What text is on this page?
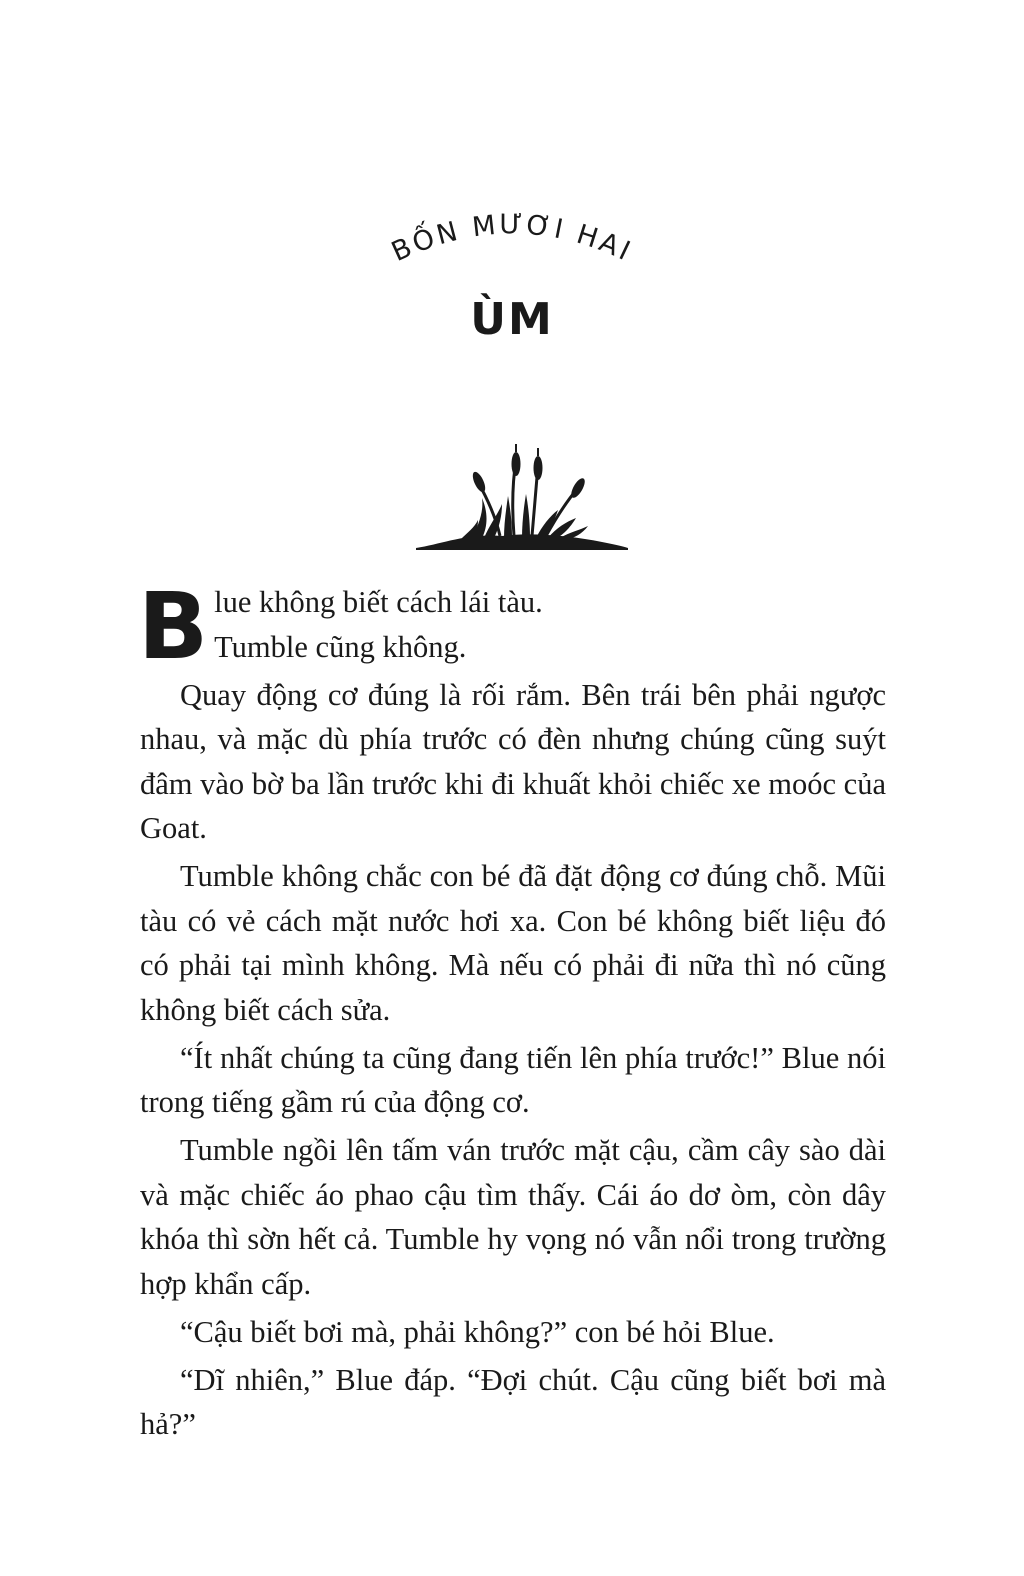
BỐN MƯƠI HAI
ÙM

Blue không biết cách lái tàu.
Tumble cũng không.

Quay động cơ đúng là rối rắm. Bên trái bên phải ngược nhau, và mặc dù phía trước có đèn nhưng chúng cũng suýt đâm vào bờ ba lần trước khi đi khuất khỏi chiếc xe moóc của Goat.

Tumble không chắc con bé đã đặt động cơ đúng chỗ. Mũi tàu có vẻ cách mặt nước hơi xa. Con bé không biết liệu đó có phải tại mình không. Mà nếu có phải đi nữa thì nó cũng không biết cách sửa.

“Ít nhất chúng ta cũng đang tiến lên phía trước!” Blue nói trong tiếng gầm rú của động cơ.

Tumble ngồi lên tấm ván trước mặt cậu, cầm cây sào dài và mặc chiếc áo phao cậu tìm thấy. Cái áo dơ òm, còn dây khóa thì sờn hết cả. Tumble hy vọng nó vẫn nổi trong trường hợp khẩn cấp.

“Cậu biết bơi mà, phải không?” con bé hỏi Blue.

“Dĩ nhiên,” Blue đáp. “Đợi chút. Cậu cũng biết bơi mà hả?”
